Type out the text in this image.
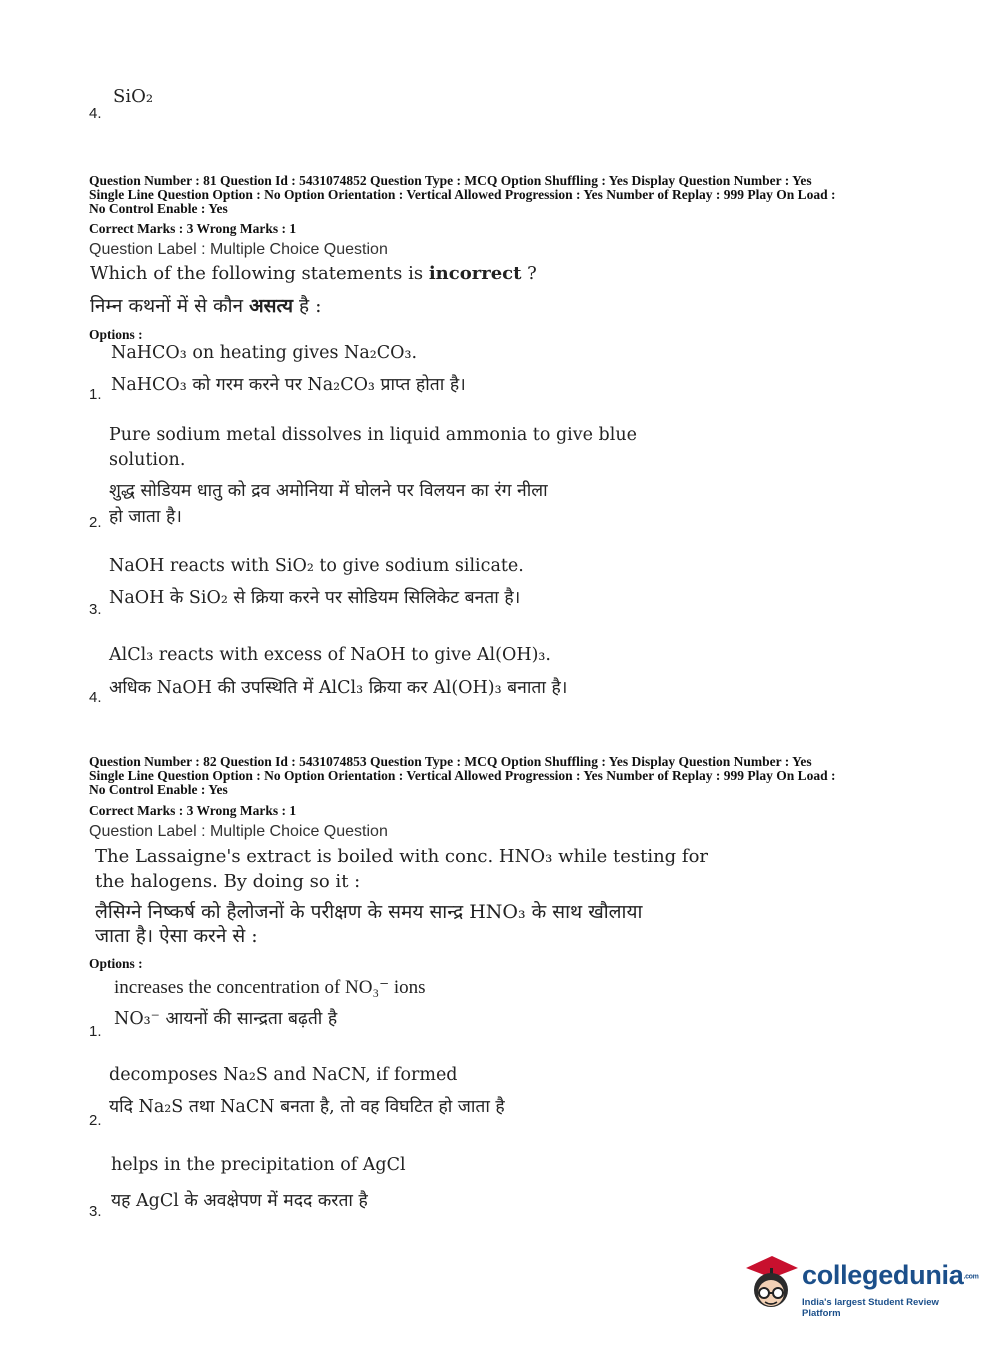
SiO₂
4.
Question Number : 81 Question Id : 5431074852 Question Type : MCQ Option Shuffling : Yes Display Question Number : Yes
Single Line Question Option : No Option Orientation : Vertical Allowed Progression : Yes Number of Replay : 999 Play On Load :
No Control Enable : Yes
Correct Marks : 3 Wrong Marks : 1
Question Label : Multiple Choice Question
Which of the following statements is incorrect ?
निम्न कथनों में से कौन असत्य है :
Options :
NaHCO₃ on heating gives Na₂CO₃.
NaHCO₃ को गरम करने पर Na₂CO₃ प्राप्त होता है।
1.
Pure sodium metal dissolves in liquid ammonia to give blue
solution.
शुद्ध सोडियम धातु को द्रव अमोनिया में घोलने पर विलयन का रंग नीला
हो जाता है।
2.
NaOH reacts with SiO₂ to give sodium silicate.
NaOH के SiO₂ से क्रिया करने पर सोडियम सिलिकेट बनता है।
3.
AlCl₃ reacts with excess of NaOH to give Al(OH)₃.
अधिक NaOH की उपस्थिति में AlCl₃ क्रिया कर Al(OH)₃ बनाता है।
4.
Question Number : 82 Question Id : 5431074853 Question Type : MCQ Option Shuffling : Yes Display Question Number : Yes
Single Line Question Option : No Option Orientation : Vertical Allowed Progression : Yes Number of Replay : 999 Play On Load :
No Control Enable : Yes
Correct Marks : 3 Wrong Marks : 1
Question Label : Multiple Choice Question
The Lassaigne's extract is boiled with conc. HNO₃ while testing for
the halogens. By doing so it :
लैसिग्ने निष्कर्ष को हैलोजनों के परीक्षण के समय सान्द्र HNO₃ के साथ खौलाया
जाता है। ऐसा करने से :
Options :
increases the concentration of NO₃⁻ ions
NO₃⁻ आयनों की सान्द्रता बढ़ती है
1.
decomposes Na₂S and NaCN, if formed
यदि Na₂S तथा NaCN बनता है, तो वह विघटित हो जाता है
2.
helps in the precipitation of AgCl
यह AgCl के अवक्षेपण में मदद करता है
3.
collegedunia.com
India's largest Student Review Platform
